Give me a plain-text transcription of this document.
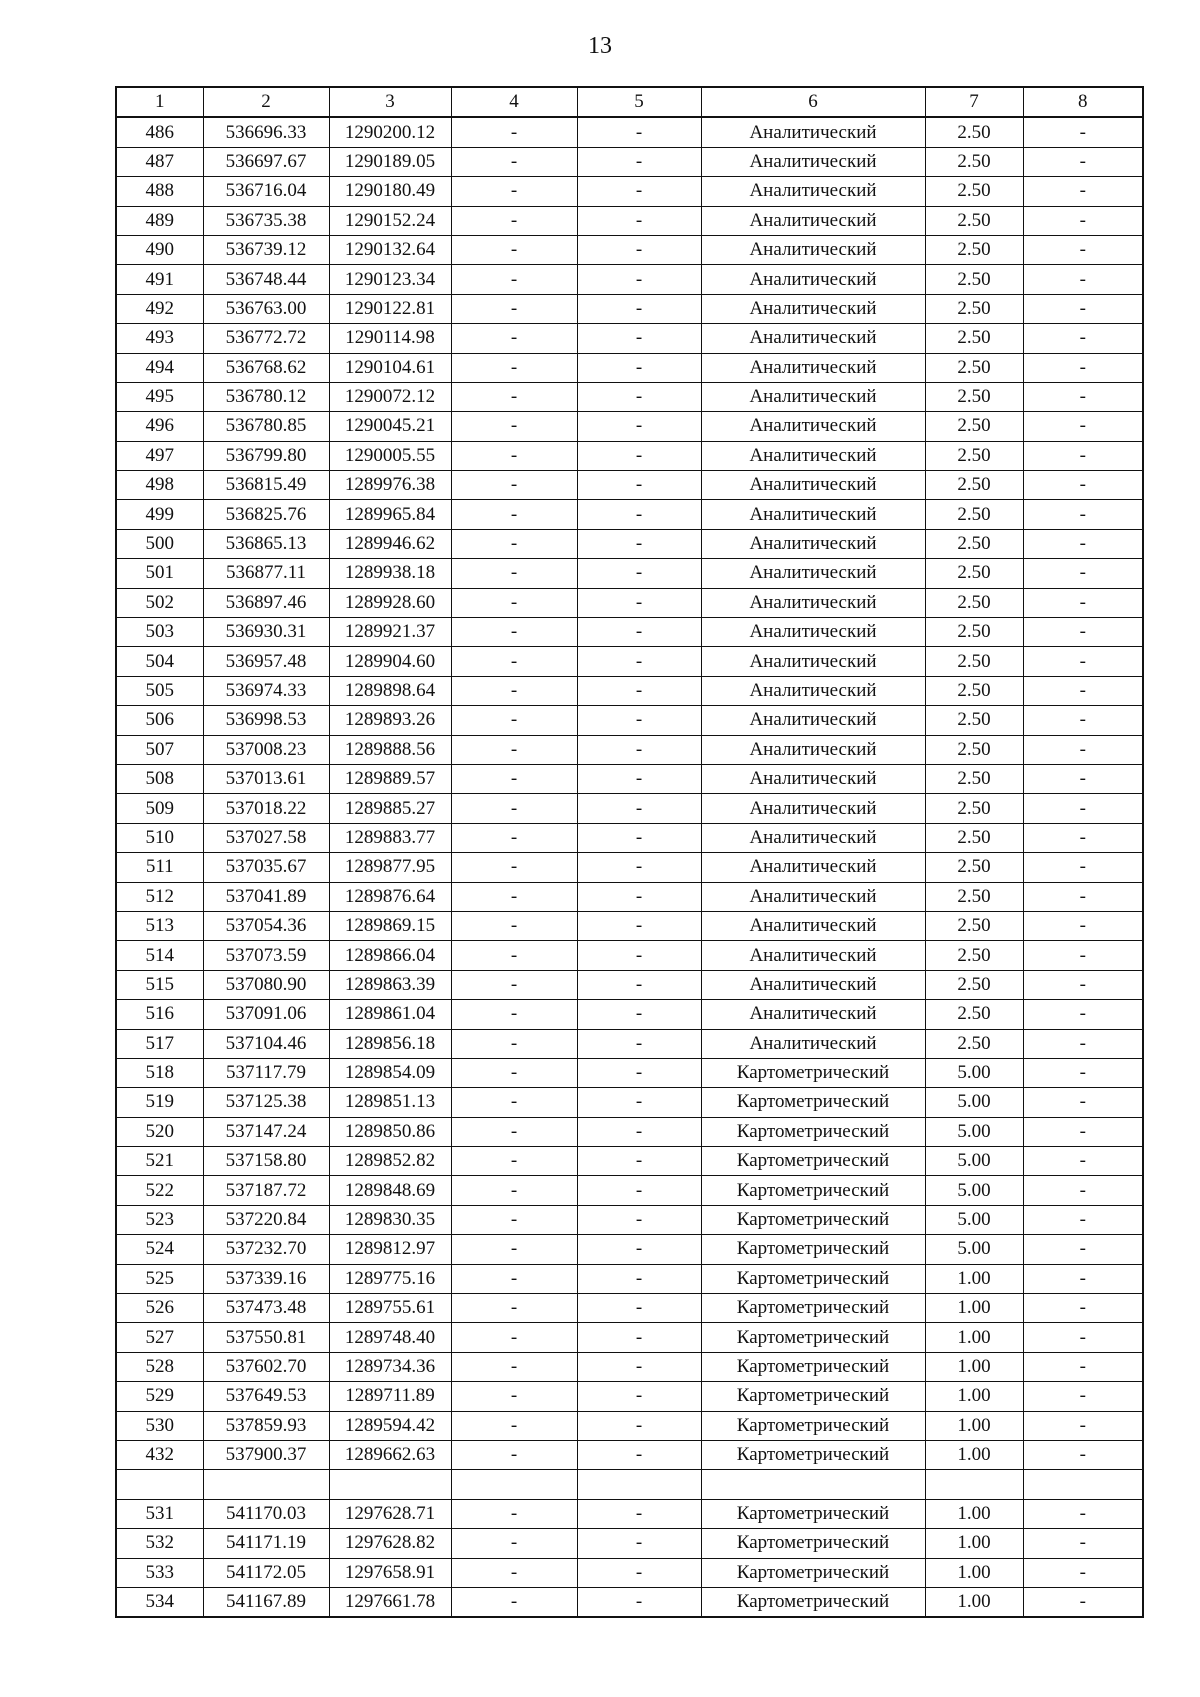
13
1	2	3	4	5	6	7	8
486	536696.33	1290200.12	-	-	Аналитический	2.50	-
487	536697.67	1290189.05	-	-	Аналитический	2.50	-
488	536716.04	1290180.49	-	-	Аналитический	2.50	-
489	536735.38	1290152.24	-	-	Аналитический	2.50	-
490	536739.12	1290132.64	-	-	Аналитический	2.50	-
491	536748.44	1290123.34	-	-	Аналитический	2.50	-
492	536763.00	1290122.81	-	-	Аналитический	2.50	-
493	536772.72	1290114.98	-	-	Аналитический	2.50	-
494	536768.62	1290104.61	-	-	Аналитический	2.50	-
495	536780.12	1290072.12	-	-	Аналитический	2.50	-
496	536780.85	1290045.21	-	-	Аналитический	2.50	-
497	536799.80	1290005.55	-	-	Аналитический	2.50	-
498	536815.49	1289976.38	-	-	Аналитический	2.50	-
499	536825.76	1289965.84	-	-	Аналитический	2.50	-
500	536865.13	1289946.62	-	-	Аналитический	2.50	-
501	536877.11	1289938.18	-	-	Аналитический	2.50	-
502	536897.46	1289928.60	-	-	Аналитический	2.50	-
503	536930.31	1289921.37	-	-	Аналитический	2.50	-
504	536957.48	1289904.60	-	-	Аналитический	2.50	-
505	536974.33	1289898.64	-	-	Аналитический	2.50	-
506	536998.53	1289893.26	-	-	Аналитический	2.50	-
507	537008.23	1289888.56	-	-	Аналитический	2.50	-
508	537013.61	1289889.57	-	-	Аналитический	2.50	-
509	537018.22	1289885.27	-	-	Аналитический	2.50	-
510	537027.58	1289883.77	-	-	Аналитический	2.50	-
511	537035.67	1289877.95	-	-	Аналитический	2.50	-
512	537041.89	1289876.64	-	-	Аналитический	2.50	-
513	537054.36	1289869.15	-	-	Аналитический	2.50	-
514	537073.59	1289866.04	-	-	Аналитический	2.50	-
515	537080.90	1289863.39	-	-	Аналитический	2.50	-
516	537091.06	1289861.04	-	-	Аналитический	2.50	-
517	537104.46	1289856.18	-	-	Аналитический	2.50	-
518	537117.79	1289854.09	-	-	Картометрический	5.00	-
519	537125.38	1289851.13	-	-	Картометрический	5.00	-
520	537147.24	1289850.86	-	-	Картометрический	5.00	-
521	537158.80	1289852.82	-	-	Картометрический	5.00	-
522	537187.72	1289848.69	-	-	Картометрический	5.00	-
523	537220.84	1289830.35	-	-	Картометрический	5.00	-
524	537232.70	1289812.97	-	-	Картометрический	5.00	-
525	537339.16	1289775.16	-	-	Картометрический	1.00	-
526	537473.48	1289755.61	-	-	Картометрический	1.00	-
527	537550.81	1289748.40	-	-	Картометрический	1.00	-
528	537602.70	1289734.36	-	-	Картометрический	1.00	-
529	537649.53	1289711.89	-	-	Картометрический	1.00	-
530	537859.93	1289594.42	-	-	Картометрический	1.00	-
432	537900.37	1289662.63	-	-	Картометрический	1.00	-

531	541170.03	1297628.71	-	-	Картометрический	1.00	-
532	541171.19	1297628.82	-	-	Картометрический	1.00	-
533	541172.05	1297658.91	-	-	Картометрический	1.00	-
534	541167.89	1297661.78	-	-	Картометрический	1.00	-
